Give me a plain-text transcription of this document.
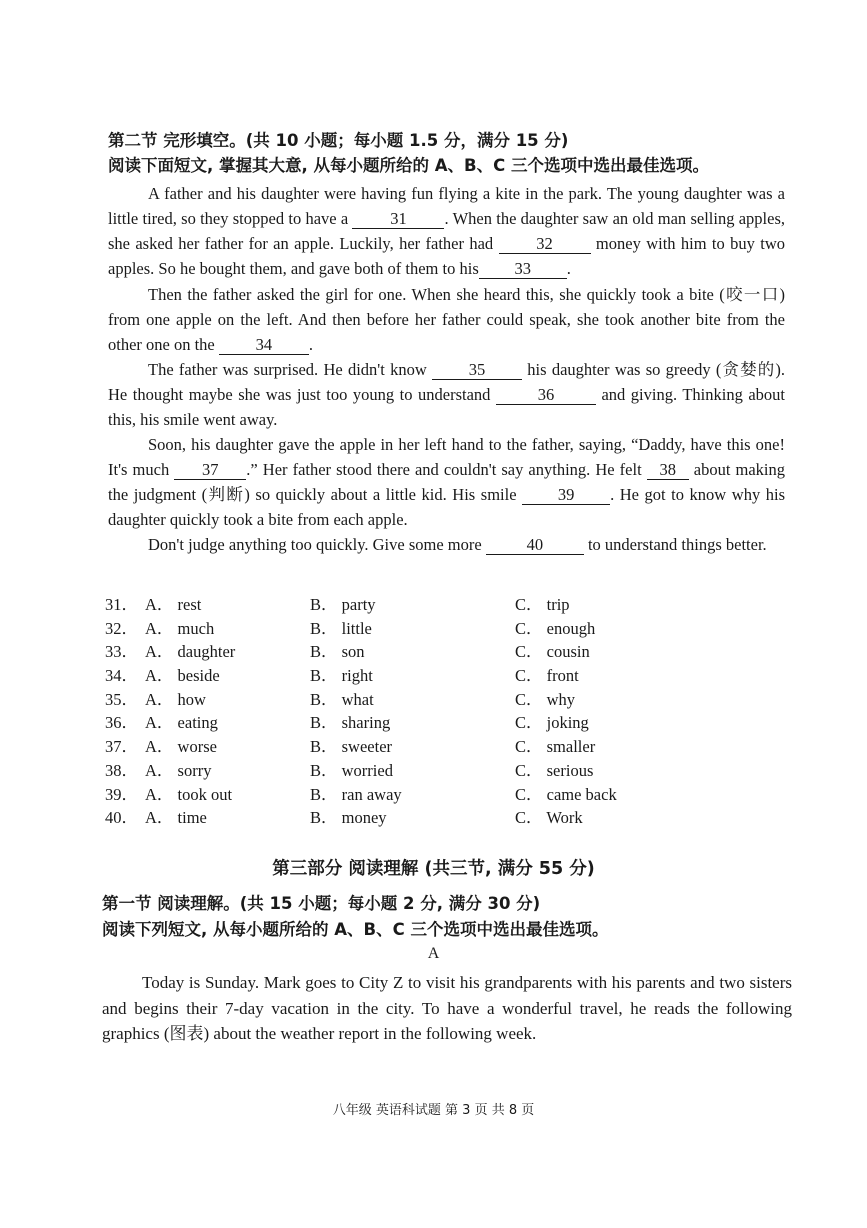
第二节 完形填空。(共 10 小题；每小题 1.5 分，满分 15 分)
阅读下面短文, 掌握其大意, 从每小题所给的 A、B、C 三个选项中选出最佳选项。
A father and his daughter were having fun flying a kite in the park. The young daughter was a little tired, so they stopped to have a 31 . When the daughter saw an old man selling apples, she asked her father for an apple. Luckily, her father had 32 money with him to buy two apples. So he bought them, and gave both of them to his 33 .
Then the father asked the girl for one. When she heard this, she quickly took a bite (咬一口) from one apple on the left. And then before her father could speak, she took another bite from the other one on the 34 .
The father was surprised. He didn't know 35 his daughter was so greedy (贪婪的). He thought maybe she was just too young to understand	36	and giving. Thinking about this, his smile went away.
Soon, his daughter gave the apple in her left hand to the father, saying, “Daddy, have this one! It's much 37 .” Her father stood there and couldn't say anything. He felt 38 about making the judgment (判断) so quickly about a little kid. His smile 39 . He got to know why his daughter quickly took a bite from each apple.
Don't judge anything too quickly. Give some more 40 to understand things better.
31． A． rest	B． party	C． trip
32． A． much	B． little	C． enough
33． A． daughter	B． son	C． cousin
34． A． beside	B． right	C． front
35． A． how	B． what	C． why
36． A． eating	B． sharing	C． joking
37． A． worse	B． sweeter	C． smaller
38． A． sorry	B． worried	C． serious
39． A． took out	B． ran away	C． came back
40． A． time	B． money	C． Work
第三部分 阅读理解 (共三节, 满分 55 分)
第一节 阅读理解。(共 15 小题；每小题 2 分, 满分 30 分)
阅读下列短文, 从每小题所给的 A、B、C 三个选项中选出最佳选项。
A
Today is Sunday. Mark goes to City Z to visit his grandparents with his parents and two sisters and begins their 7-day vacation in the city. To have a wonderful travel, he reads the following graphics (图表) about the weather report in the following week.
八年级 英语科试题 第 3 页 共 8 页
